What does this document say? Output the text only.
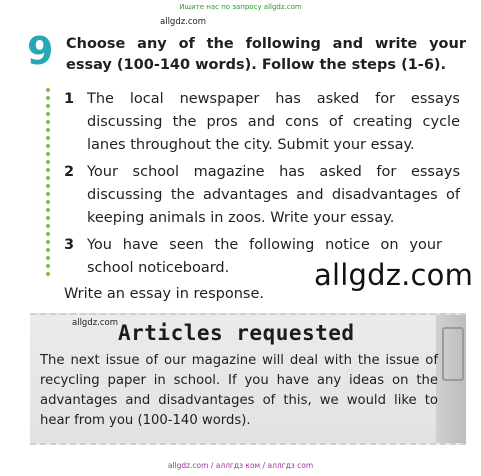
Ищите нас по запросу allgdz.com
allgdz.com
9 Choose any of the following and write your essay (100-140 words). Follow the steps (1-6).
1 The local newspaper has asked for essays discussing the pros and cons of creating cycle lanes throughout the city. Submit your essay.
2 Your school magazine has asked for essays discussing the advantages and disadvantages of keeping animals in zoos. Write your essay.
3 You have seen the following notice on your school noticeboard.	allgdz.com
Write an essay in response.
allgdz.com Articles requested
The next issue of our magazine will deal with the issue of recycling paper in school. If you have any ideas on the advantages and disadvantages of this, we would like to hear from you (100-140 words).
allgdz.com / аллгдз ком / аллгдз com
